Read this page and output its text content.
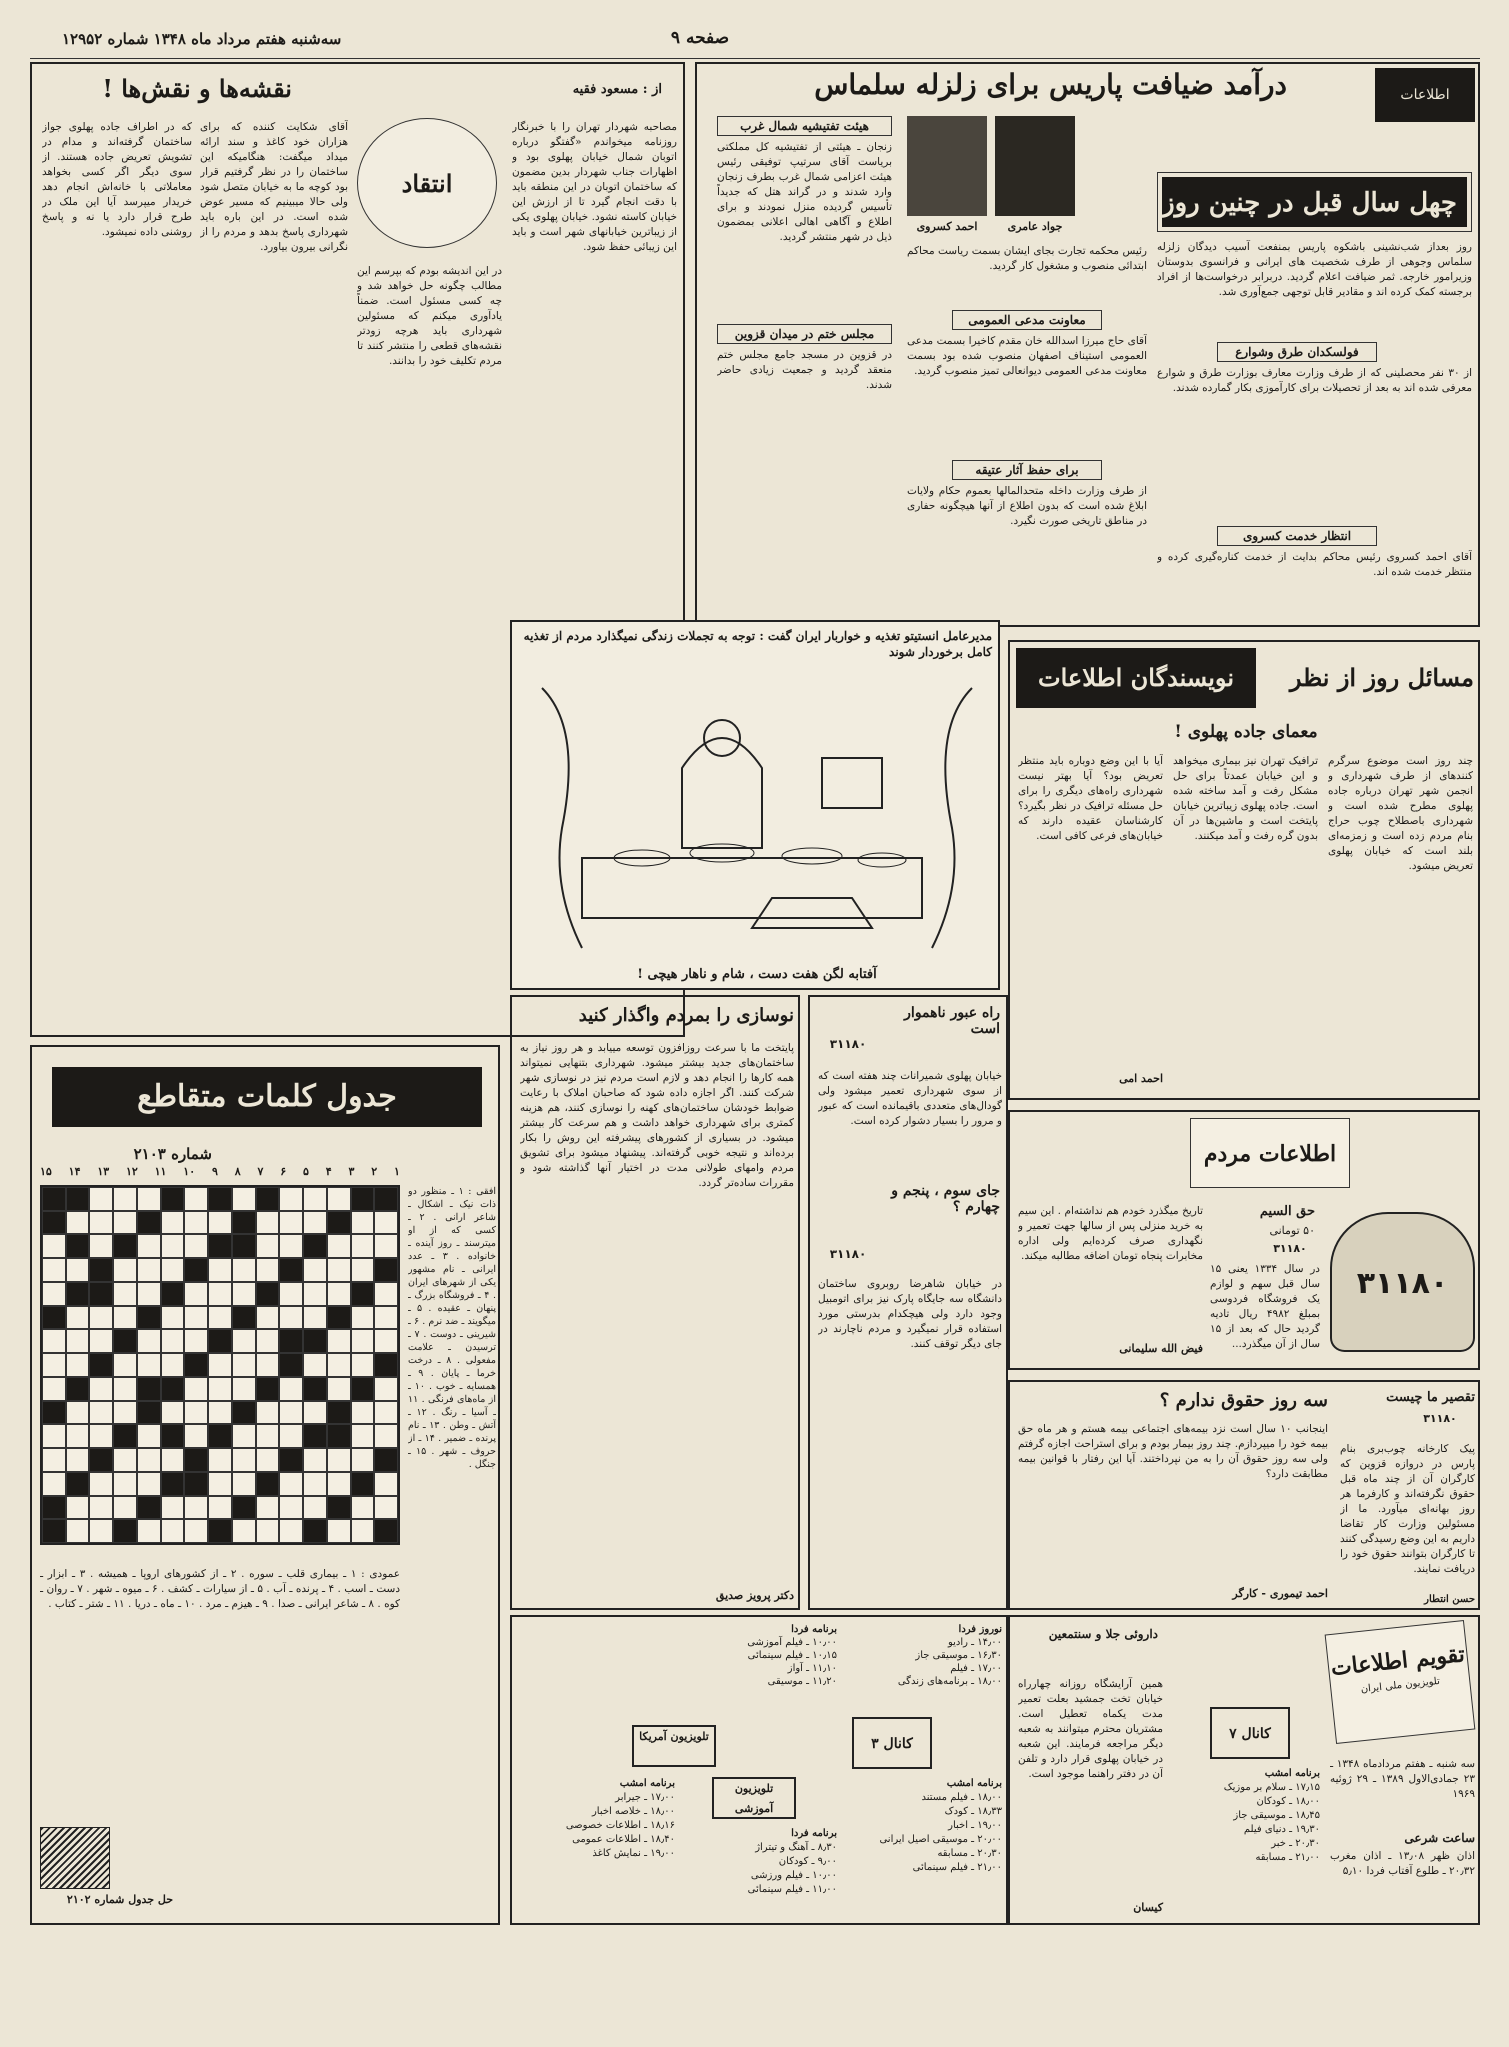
سه‌شنبه هفتم مرداد ماه ۱۳۴۸ شماره ۱۲۹۵۲	صفحه ۹
درآمد ضیافت پاریس برای زلزله سلماس	اطلاعات
چهل سال قبل در چنین روز
احمد کسروی	جواد عامری
هیئت تفتیشیه شمال غرب
زنجان ـ هیئتی از تفتیشیه کل مملکتی بریاست آقای سرتیپ توفیقی رئیس هیئت اعزامی شمال غرب بطرف زنجان وارد شدند و در گراند هتل که جدیداً تأسیس گردیده منزل نمودند و برای اطلاع و آگاهی اهالی اعلانی بمضمون ذیل در شهر منتشر گردید.
روز بعداز شب‌نشینی باشکوه پاریس بمنفعت آسیب دیدگان زلزله سلماس وجوهی از طرف شخصیت های ایرانی و فرانسوی بدوستان وزیرامور خارجه. ثمر‌ ضیافت اعلام گردید. دربرابر درخواست‌ها از افراد برجسته کمک کرده اند و مقادیر قابل توجهی جمع‌آوری شد.
فولسکدان طرق وشوارع
از ۳۰ نفر محصلینی که از طرف وزارت معارف بوزارت طرق و شوارع معرفی شده اند به بعد از تحصیلات برای کارآموزی بکار گمارده شدند.
انتظار خدمت کسروی
آقای احمد کسروی رئیس محاکم بدایت از خدمت کناره‌گیری کرده و منتظر خدمت شده اند.
رئیس محکمه تجارت بجای ایشان بسمت ریاست محاکم ابتدائی منصوب و مشغول کار گردید.
معاونت مدعی العمومی
آقای حاج میرزا اسدالله خان مقدم کاخیرا بسمت مدعی العمومی استیناف اصفهان منصوب شده بود بسمت معاونت مدعی العمومی دیوانعالی تمیز منصوب گردید.
برای حفظ آثار عتیقه
از طرف وزارت داخله متحدالمالها بعموم حکام ولایات ابلاغ شده است که بدون اطلاع از آنها هیچگونه حفاری در مناطق تاریخی صورت نگیرد.
مجلس ختم در میدان قزوین
در قزوین در مسجد جامع مجلس ختم منعقد گردید و جمعیت زیادی حاضر شدند.
نقشه‌ها و نقش‌ها !	از : مسعود فقیه
انتقاد
مصاحبه شهردار تهران را با خبرنگار روزنامه میخواندم «گفتگو درباره اتوبان شمال خیابان پهلوی بود و اظهارات جناب شهردار بدین مضمون که ساختمان اتوبان در این منطقه باید با دقت انجام گیرد تا از ارزش این خیابان کاسته نشود. خیابان پهلوی یکی از زیباترین خیابانهای شهر است و باید این زیبائی حفظ شود.
در این اندیشه بودم که بپرسم این مطالب چگونه حل خواهد شد و چه کسی مسئول است. ضمناً یادآوری میکنم که مسئولین شهرداری باید هرچه زودتر نقشه‌های قطعی را منتشر کنند تا مردم تکلیف خود را بدانند.
آقای شکایت کننده که برای هزاران خود کاغذ و سند ارائه میداد میگفت: هنگامیکه این ساختمان را در نظر گرفتیم قرار بود کوچه ما به خیابان متصل شود ولی حالا میبینیم که مسیر عوض شده است. در این باره باید شهرداری پاسخ بدهد و مردم را از نگرانی بیرون بیاورد.
که در اطراف جاده پهلوی جواز ساختمان گرفته‌اند و مدام در تشویش تعریض جاده هستند. از سوی دیگر اگر کسی بخواهد معاملاتی با خانه‌اش انجام دهد خریدار میپرسد آیا این ملک در طرح قرار دارد یا نه و پاسخ روشنی داده نمیشود.
نویسندگان اطلاعات	مسائل روز از نظر
معمای جاده پهلوی !
چند روز است موضوع سرگرم کنندهای از طرف شهرداری و انجمن شهر تهران درباره جاده پهلوی مطرح شده است و شهرداری باصطلاح چوب حراج بنام مردم زده است و زمزمه‌ای بلند است که خیابان پهلوی تعریض میشود.
ترافیک تهران نیز بیماری میخواهد و این خیابان عمدتاً برای حل مشکل رفت و آمد ساخته شده است. جاده پهلوی زیباترین خیابان پایتخت است و ماشین‌ها در آن بدون گره رفت و آمد میکنند.
آیا با این وضع دوباره باید منتظر تعریض بود؟ آیا بهتر نیست شهرداری راه‌های دیگری را برای حل مسئله ترافیک در نظر بگیرد؟ کارشناسان عقیده دارند که خیابان‌های فرعی کافی است.
احمد امی
مدیرعامل انستیتو تغذیه و خواربار ایران گفت : توجه به تجملات زندگی نمیگذارد مردم از تغذیه کامل برخوردار شوند
آفتابه لگن هفت دست ، شام و ناهار هیچی !
نوسازی را بمردم واگذار کنید
پایتخت ما با سرعت روزافزون توسعه مییابد و هر روز نیاز به ساختمان‌های جدید بیشتر میشود. شهرداری بتنهایی نمیتواند همه کارها را انجام دهد و لازم است مردم نیز در نوسازی شهر شرکت کنند. اگر اجازه داده شود که صاحبان املاک با رعایت ضوابط خودشان ساختمان‌های کهنه را نوسازی کنند، هم هزینه کمتری برای شهرداری خواهد داشت و هم سرعت کار بیشتر میشود. در بسیاری از کشورهای پیشرفته این روش را بکار برده‌اند و نتیجه خوبی گرفته‌اند. پیشنهاد میشود برای تشویق مردم وامهای طولانی مدت در اختیار آنها گذاشته شود و مقررات ساده‌تر گردد.
دکتر پرویز صدیق
راه عبور ناهموار است
۳۱۱۸۰
خیابان پهلوی شمیرانات چند هفته است که از سوی شهرداری تعمیر میشود ولی گودال‌های متعددی باقیمانده است که عبور و مرور را بسیار دشوار کرده است.
جای سوم ، پنجم و چهارم ؟
۳۱۱۸۰
در خیابان شاهرضا روبروی ساختمان دانشگاه سه جایگاه پارک نیز برای اتومبیل وجود دارد ولی هیچکدام بدرستی مورد استفاده قرار نمیگیرد و مردم ناچارند در جای دیگر توقف کنند.
اطلاعات مردم
۳۱۱۸۰
حق السیم
۵۰ تومانی
۳۱۱۸۰
در سال ۱۳۳۴ یعنی ۱۵ سال قبل سهم و لوازم یک فروشگاه فردوسی بمبلغ ۴۹۸۲ ریال تادیه گردید حال که بعد از ۱۵ سال از آن میگذرد...
تاریخ میگذرد خودم هم نداشته‌ام . این سیم به خرید منزلی پس از سالها جهت تعمیر و نگهداری صرف کرده‌ایم ولی اداره مخابرات پنجاه تومان اضافه مطالبه میکند.
فیض الله سلیمانی
تقصیر ما چیست
۳۱۱۸۰
پیک کارخانه چوب‌بری بنام پارس در دروازه قزوین که کارگران آن از چند ماه قبل حقوق نگرفته‌اند و کارفرما هر روز بهانه‌ای میآورد. ما از مسئولین وزارت کار تقاضا داریم به این وضع رسیدگی کنند تا کارگران بتوانند حقوق خود را دریافت نمایند.
حسن انتطار
سه روز حقوق ندارم ؟
اینجانب ۱۰ سال است نزد بیمه‌های اجتماعی بیمه هستم و هر ماه حق بیمه خود را میپردازم. چند روز بیمار بودم و برای استراحت اجازه گرفتم ولی سه روز حقوق آن را به من نپرداختند. آیا این رفتار با قوانین بیمه مطابقت دارد؟
احمد تیموری - کارگر
جدول کلمات متقاطع
شماره ۲۱۰۳
۱۵ ۱۴ ۱۳ ۱۲ ۱۱ ۱۰ ۹ ۸ ۷ ۶ ۵ ۴ ۳ ۲ ۱
افقی : ۱ ـ منظور دو ذات نیک ـ اشکال ـ شاعر ارانی . ۲ ـ کسی که از او میترسند ـ روز آینده ـ خانواده . ۳ ـ عدد ایرانی ـ نام مشهور یکی از شهرهای ایران . ۴ ـ فروشگاه بزرگ ـ پنهان ـ عقیده . ۵ ـ میگویند ـ ضد نرم . ۶ ـ شیرینی ـ دوست . ۷ ـ ترسیدن ـ علامت مفعولی . ۸ ـ درخت خرما ـ پایان . ۹ ـ همسایه ـ خوب . ۱۰ ـ از ماه‌های فرنگی . ۱۱ ـ آسیا ـ رنگ . ۱۲ ـ آتش ـ وطن . ۱۳ ـ نام پرنده ـ ضمیر . ۱۴ ـ از حروف ـ شهر . ۱۵ ـ جنگل .
عمودی : ۱ ـ بیماری قلب ـ سوره . ۲ ـ از کشورهای اروپا ـ همیشه . ۳ ـ ابزار ـ دست ـ اسب . ۴ ـ پرنده ـ آب . ۵ ـ از سیارات ـ کشف . ۶ ـ میوه ـ شهر . ۷ ـ روان ـ کوه . ۸ ـ شاعر ایرانی ـ صدا . ۹ ـ هیزم ـ مرد . ۱۰ ـ ماه ـ دریا . ۱۱ ـ شتر ـ کتاب .
حل جدول شماره ۲۱۰۲
کانال ۳
نوروز فردا
۱۴٫۰۰ ـ رادیو
۱۶٫۳۰ ـ موسیقی جاز
۱۷٫۰۰ ـ فیلم
۱۸٫۰۰ ـ برنامه‌های زندگی
برنامه امشب
۱۸٫۰۰ ـ فیلم مستند
۱۸٫۳۳ ـ کودک
۱۹٫۰۰ ـ اخبار
۲۰٫۰۰ ـ موسیقی اصیل ایرانی
۲۰٫۳۰ ـ مسابقه
۲۱٫۰۰ ـ فیلم سینمائی
تلویزیون آمریکا
برنامه فردا
۱۰٫۰۰ ـ فیلم آموزشی
۱۰٫۱۵ ـ فیلم سینمائی
۱۱٫۱۰ ـ آواز
۱۱٫۲۰ ـ موسیقی
برنامه امشب
۱۷٫۰۰ ـ جیرابر
۱۸٫۰۰ ـ خلاصه اخبار
۱۸٫۱۶ ـ اطلاعات خصوصی
۱۸٫۴۰ ـ اطلاعات عمومی
۱۹٫۰۰ ـ نمایش کاغذ
تلویزیون آموزشی
برنامه فردا
۸٫۳۰ ـ آهنگ و تیتراژ
۹٫۰۰ ـ کودکان
۱۰٫۰۰ ـ فیلم ورزشی
۱۱٫۰۰ ـ فیلم سینمائی
تقویم اطلاعات
تلویزیون ملی ایران
سه شنبه ـ هفتم مردادماه ۱۳۴۸ ـ ۲۳ جمادی‌الاول ۱۳۸۹ ـ ۲۹ ژوئیه ۱۹۶۹
ساعت شرعی
اذان ظهر ۱۳٫۰۸ ـ اذان مغرب ۲۰٫۳۲ ـ طلوع آفتاب فردا ۵٫۱۰
کانال ۷
برنامه امشب
۱۷٫۱۵ ـ سلام بر موزیک
۱۸٫۰۰ ـ کودکان
۱۸٫۴۵ ـ موسیقی جاز
۱۹٫۳۰ ـ دنیای فیلم
۲۰٫۳۰ ـ خبر
۲۱٫۰۰ ـ مسابقه
داروئی جلا و سنتمعین
همین آرایشگاه روزانه چهارراه خیابان تخت جمشید بعلت تعمیر مدت یکماه تعطیل است. مشتریان محترم میتوانند به شعبه دیگر مراجعه فرمایند. این شعبه در خیابان پهلوی قرار دارد و تلفن آن در دفتر راهنما موجود است.
کیسان
